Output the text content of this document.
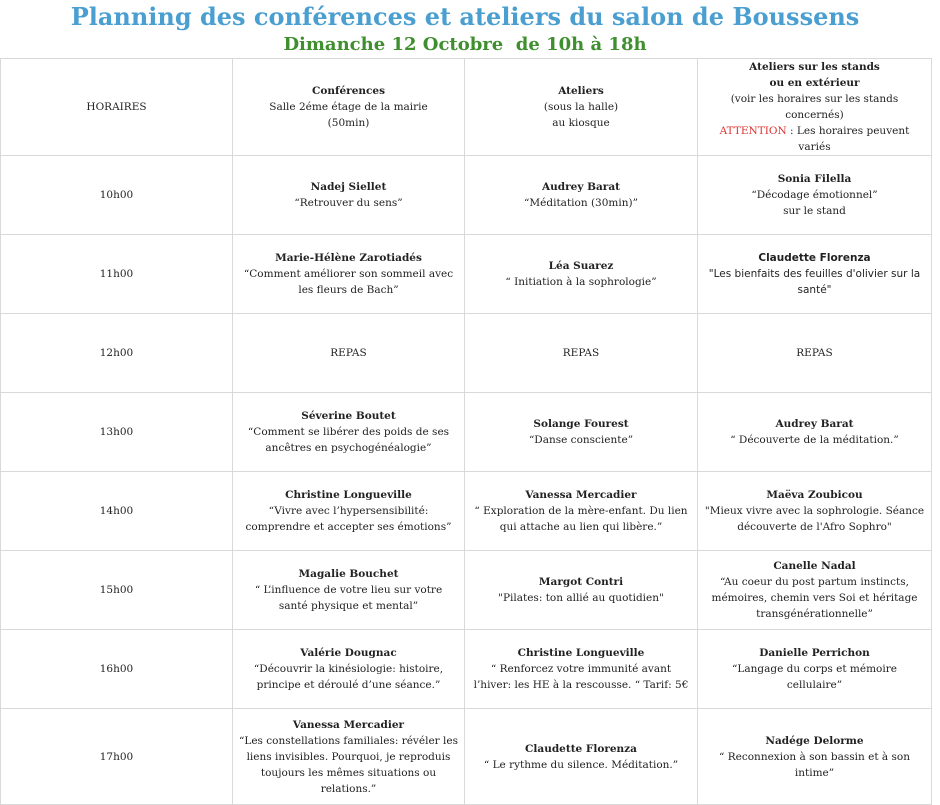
Planning des conférences et ateliers du salon de Boussens
Dimanche 12 Octobre  de 10h à 18h
HORAIRES	Conférences
Salle 2éme étage de la mairie
(50min)	Ateliers
(sous la halle)
au kiosque	Ateliers sur les stands
ou en extérieur
(voir les horaires sur les stands concernés)
ATTENTION : Les horaires peuvent variés

10h00	Nadej Siellet
“Retrouver du sens”	Audrey Barat
“Méditation (30min)”	Sonia Filella
“Décodage émotionnel”
sur le stand

11h00	Marie-Hélène Zarotiadés
“Comment améliorer son sommeil avec les fleurs de Bach”	Léa Suarez
“ Initiation à la sophrologie”	Claudette Florenza
"Les bienfaits des feuilles d'olivier sur la santé"

12h00	REPAS	REPAS	REPAS

13h00	Séverine Boutet
“Comment se libérer des poids de ses ancêtres en psychogénéalogie”	Solange Fourest
“Danse consciente”	Audrey Barat
“ Découverte de la méditation.”

14h00	Christine Longueville
“Vivre avec l’hypersensibilité: comprendre et accepter ses émotions”	Vanessa Mercadier
“ Exploration de la mère-enfant. Du lien qui attache au lien qui libère.”	Maëva Zoubicou
"Mieux vivre avec la sophrologie. Séance découverte de l'Afro Sophro"

15h00	Magalie Bouchet
“ L’influence de votre lieu sur votre santé physique et mental”	Margot Contri
"Pilates: ton allié au quotidien"	Canelle Nadal
“Au coeur du post partum instincts, mémoires, chemin vers Soi et héritage transgénérationnelle”

16h00	Valérie Dougnac
“Découvrir la kinésiologie: histoire, principe et déroulé d’une séance.”	Christine Longueville
“ Renforcez votre immunité avant l’hiver: les HE à la rescousse. “ Tarif: 5€	Danielle Perrichon
“Langage du corps et mémoire cellulaire”

17h00	Vanessa Mercadier
“Les constellations familiales: révéler les liens invisibles. Pourquoi, je reproduis toujours les mêmes situations ou relations.”	Claudette Florenza
“ Le rythme du silence. Méditation.”	Nadége Delorme
“ Reconnexion à son bassin et à son intime”
